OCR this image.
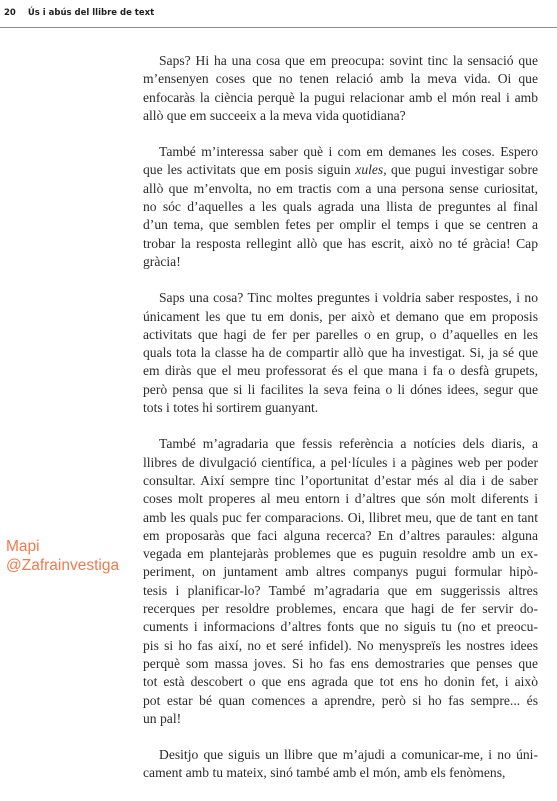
20 Ús i abús del llibre de text
Saps? Hi ha una cosa que em preocupa: sovint tinc la sensació que
m’ensenyen coses que no tenen relació amb la meva vida. Oi que
enfocaràs la ciència perquè la pugui relacionar amb el món real i amb
allò que em succeeix a la meva vida quotidiana?
També m’interessa saber què i com em demanes les coses. Espero
que les activitats que em posis siguin xules, que pugui investigar sobre
allò que m’envolta, no em tractis com a una persona sense curiositat,
no sóc d’aquelles a les quals agrada una llista de preguntes al final
d’un tema, que semblen fetes per omplir el temps i que se centren a
trobar la resposta rellegint allò que has escrit, això no té gràcia! Cap
gràcia!
Saps una cosa? Tinc moltes preguntes i voldria saber respostes, i no
únicament les que tu em donis, per això et demano que em proposis
activitats que hagi de fer per parelles o en grup, o d’aquelles en les
quals tota la classe ha de compartir allò que ha investigat. Si, ja sé que
em diràs que el meu professorat és el que mana i fa o desfà grupets,
però pensa que si li facilites la seva feina o li dónes idees, segur que
tots i totes hi sortirem guanyant.
També m’agradaria que fessis referència a notícies dels diaris, a
llibres de divulgació científica, a pel·lícules i a pàgines web per poder
consultar. Així sempre tinc l’oportunitat d’estar més al dia i de saber
coses molt properes al meu entorn i d’altres que són molt diferents i
amb les quals puc fer comparacions. Oi, llibret meu, que de tant en tant
em proposaràs que faci alguna recerca? En d’altres paraules: alguna
vegada em plantejaràs problemes que es puguin resoldre amb un ex-
periment, on juntament amb altres companys pugui formular hipò-
tesis i planificar-lo? També m’agradaria que em suggerissis altres
recerques per resoldre problemes, encara que hagi de fer servir do-
cuments i informacions d’altres fonts que no siguis tu (no et preocu-
pis si ho fas així, no et seré infidel). No menyspreïs les nostres idees
perquè som massa joves. Si ho fas ens demostraries que penses que
tot està descobert o que ens agrada que tot ens ho donin fet, i això
pot estar bé quan comences a aprendre, però si ho fas sempre... és
un pal!
Desitjo que siguis un llibre que m’ajudi a comunicar-me, i no úni-
cament amb tu mateix, sinó també amb el món, amb els fenòmens,
Mapi
@Zafrainvestiga
